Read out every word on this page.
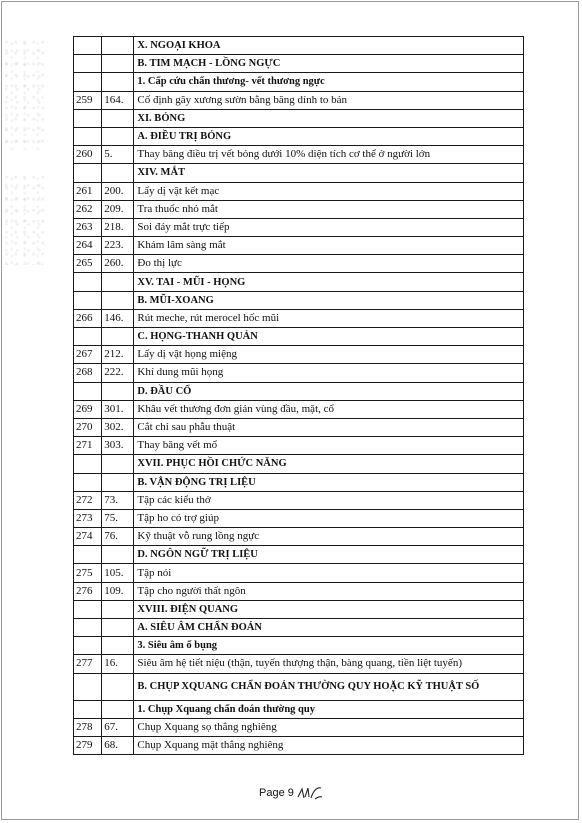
		X. NGOẠI KHOA
		B. TIM MẠCH - LỒNG NGỰC
		1. Cấp cứu chấn thương- vết thương ngực
259	164.	Cố định gãy xương sườn bằng băng dính to bản
		XI. BỎNG
		A. ĐIỀU TRỊ BỎNG
260	5.	Thay băng điều trị vết bỏng dưới 10% diện tích cơ thể ở người lớn
		XIV. MẮT
261	200.	Lấy dị vật kết mạc
262	209.	Tra thuốc nhỏ mắt
263	218.	Soi đáy mắt trực tiếp
264	223.	Khám lâm sàng mắt
265	260.	Đo thị lực
		XV. TAI - MŨI - HỌNG
		B. MŨI-XOANG
266	146.	Rút meche, rút merocel hốc mũi
		C. HỌNG-THANH QUẢN
267	212.	Lấy dị vật họng miệng
268	222.	Khí dung mũi họng
		D. ĐẦU CỔ
269	301.	Khâu vết thương đơn giản vùng đầu, mặt, cổ
270	302.	Cắt chỉ sau phẫu thuật
271	303.	Thay băng vết mổ
		XVII. PHỤC HỒI CHỨC NĂNG
		B. VẬN ĐỘNG TRỊ LIỆU
272	73.	Tập các kiểu thở
273	75.	Tập ho có trợ giúp
274	76.	Kỹ thuật vỗ rung lồng ngực
		D. NGÔN NGỮ TRỊ LIỆU
275	105.	Tập nói
276	109.	Tập cho người thất ngôn
		XVIII. ĐIỆN QUANG
		A. SIÊU ÂM CHẨN ĐOÁN
		3. Siêu âm ổ bụng
277	16.	Siêu âm hệ tiết niệu (thận, tuyến thượng thận, bàng quang, tiền liệt tuyến)
		B. CHỤP XQUANG CHẨN ĐOÁN THƯỜNG QUY HOẶC KỸ THUẬT SỐ
		1. Chụp Xquang chẩn đoán thường quy
278	67.	Chụp Xquang sọ thẳng nghiêng
279	68.	Chụp Xquang mặt thẳng nghiêng
Page 9
